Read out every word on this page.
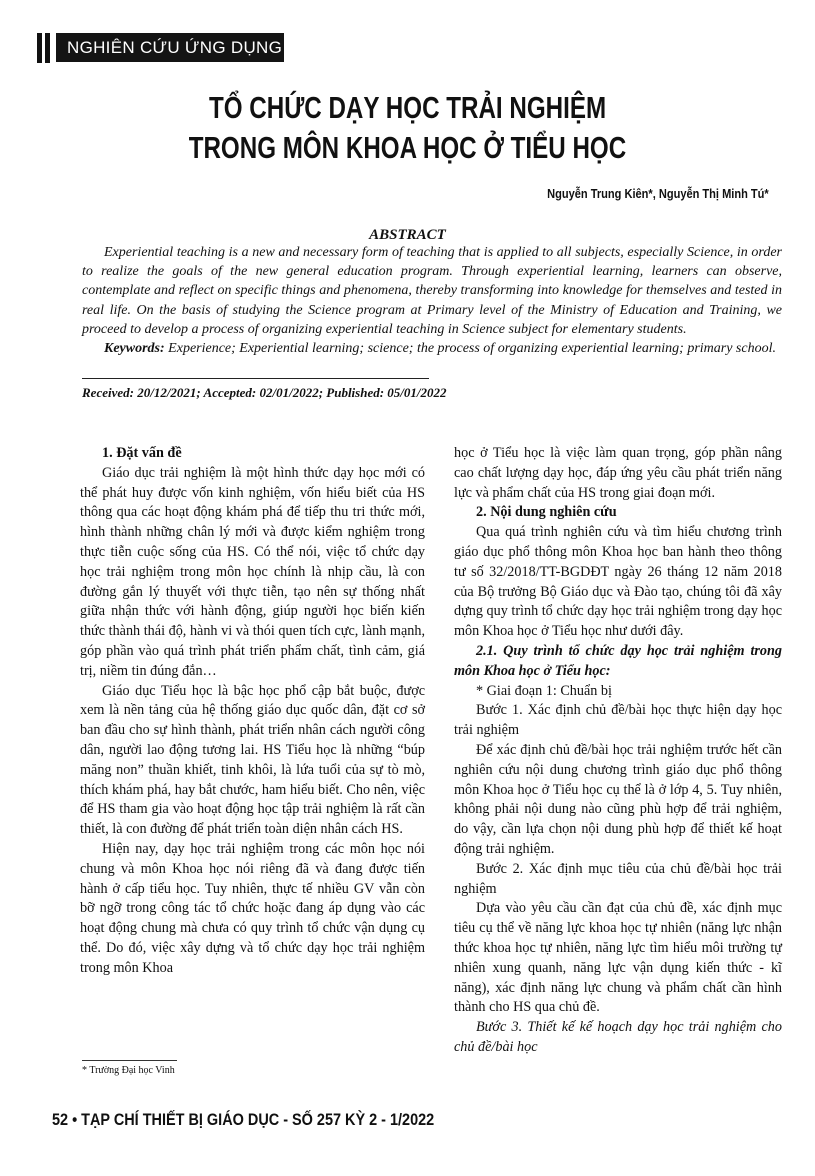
NGHIÊN CỨU ỨNG DỤNG
TỔ CHỨC DẠY HỌC TRẢI NGHIỆM
TRONG MÔN KHOA HỌC Ở TIỂU HỌC
Nguyễn Trung Kiên*, Nguyễn Thị Minh Tú*
ABSTRACT

Experiential teaching is a new and necessary form of teaching that is applied to all subjects, especially Science, in order to realize the goals of the new general education program. Through experiential learning, learners can observe, contemplate and reflect on specific things and phenomena, thereby transforming into knowledge for themselves and tested in real life. On the basis of studying the Science program at Primary level of the Ministry of Education and Training, we proceed to develop a process of organizing experiential teaching in Science subject for elementary students.

Keywords: Experience; Experiential learning; science; the process of organizing experiential learning; primary school.

Received: 20/12/2021; Accepted: 02/01/2022; Published: 05/01/2022

1. Đặt vấn đề

Giáo dục trải nghiệm là một hình thức dạy học mới có thể phát huy được vốn kinh nghiệm, vốn hiểu biết của HS thông qua các hoạt động khám phá để tiếp thu tri thức mới, hình thành những chân lý mới và được kiểm nghiệm trong thực tiễn cuộc sống của HS. Có thể nói, việc tổ chức dạy học trải nghiệm trong môn học chính là nhịp cầu, là con đường gắn lý thuyết với thực tiễn, tạo nên sự thống nhất giữa nhận thức với hành động, giúp người học biến kiến thức thành thái độ, hành vi và thói quen tích cực, lành mạnh, góp phần vào quá trình phát triển phẩm chất, tình cảm, giá trị, niềm tin đúng đắn…

Giáo dục Tiểu học là bậc học phổ cập bắt buộc, được xem là nền tảng của hệ thống giáo dục quốc dân, đặt cơ sở ban đầu cho sự hình thành, phát triển nhân cách người công dân, người lao động tương lai. HS Tiểu học là những “búp măng non” thuần khiết, tinh khôi, là lứa tuổi của sự tò mò, thích khám phá, hay bắt chước, ham hiểu biết. Cho nên, việc để HS tham gia vào hoạt động học tập trải nghiệm là rất cần thiết, là con đường để phát triển toàn diện nhân cách HS.

Hiện nay, dạy học trải nghiệm trong các môn học nói chung và môn Khoa học nói riêng đã và đang được tiến hành ở cấp tiểu học. Tuy nhiên, thực tế nhiều GV vẫn còn bỡ ngỡ trong công tác tổ chức hoặc đang áp dụng vào các hoạt động chung mà chưa có quy trình tổ chức vận dụng cụ thể. Do đó, việc xây dựng và tổ chức dạy học trải nghiệm trong môn Khoa

học ở Tiểu học là việc làm quan trọng, góp phần nâng cao chất lượng dạy học, đáp ứng yêu cầu phát triển năng lực và phẩm chất của HS trong giai đoạn mới.

2. Nội dung nghiên cứu

Qua quá trình nghiên cứu và tìm hiểu chương trình giáo dục phổ thông môn Khoa học ban hành theo thông tư số 32/2018/TT-BGDĐT ngày 26 tháng 12 năm 2018 của Bộ trưởng Bộ Giáo dục và Đào tạo, chúng tôi đã xây dựng quy trình tổ chức dạy học trải nghiệm trong dạy học môn Khoa học ở Tiểu học như dưới đây.

2.1. Quy trình tổ chức dạy học trải nghiệm trong môn Khoa học ở Tiểu học:

* Giai đoạn 1: Chuẩn bị

Bước 1. Xác định chủ đề/bài học thực hiện dạy học trải nghiệm

Để xác định chủ đề/bài học trải nghiệm trước hết cần nghiên cứu nội dung chương trình giáo dục phổ thông môn Khoa học ở Tiểu học cụ thể là ở lớp 4, 5. Tuy nhiên, không phải nội dung nào cũng phù hợp để trải nghiệm, do vậy, cần lựa chọn nội dung phù hợp để thiết kế hoạt động trải nghiệm.

Bước 2. Xác định mục tiêu của chủ đề/bài học trải nghiệm

Dựa vào yêu cầu cần đạt của chủ đề, xác định mục tiêu cụ thể về năng lực khoa học tự nhiên (năng lực nhận thức khoa học tự nhiên, năng lực tìm hiểu môi trường tự nhiên xung quanh, năng lực vận dụng kiến thức - kĩ năng), xác định năng lực chung và phẩm chất cần hình thành cho HS qua chủ đề.

Bước 3. Thiết kế kế hoạch dạy học trải nghiệm cho chủ đề/bài học

* Trường Đại học Vinh
52 • TẠP CHÍ THIẾT BỊ GIÁO DỤC - SỐ 257 KỲ 2 - 1/2022
